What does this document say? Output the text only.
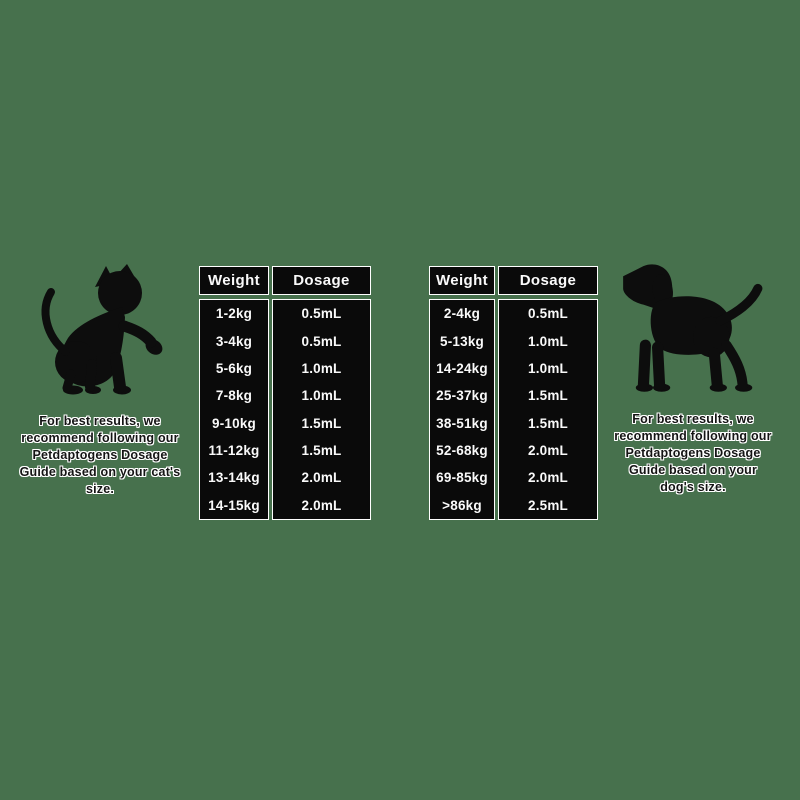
For best results, we
recommend following our
Petdaptogens Dosage
Guide based on your cat's
size.
Weight	Dosage
1-2kg
3-4kg
5-6kg
7-8kg
9-10kg
11-12kg
13-14kg
14-15kg
0.5mL
0.5mL
1.0mL
1.0mL
1.5mL
1.5mL
2.0mL
2.0mL
Weight	Dosage
2-4kg
5-13kg
14-24kg
25-37kg
38-51kg
52-68kg
69-85kg
>86kg
0.5mL
1.0mL
1.0mL
1.5mL
1.5mL
2.0mL
2.0mL
2.5mL
For best results, we
recommend following our
Petdaptogens Dosage
Guide based on your
dog's size.
